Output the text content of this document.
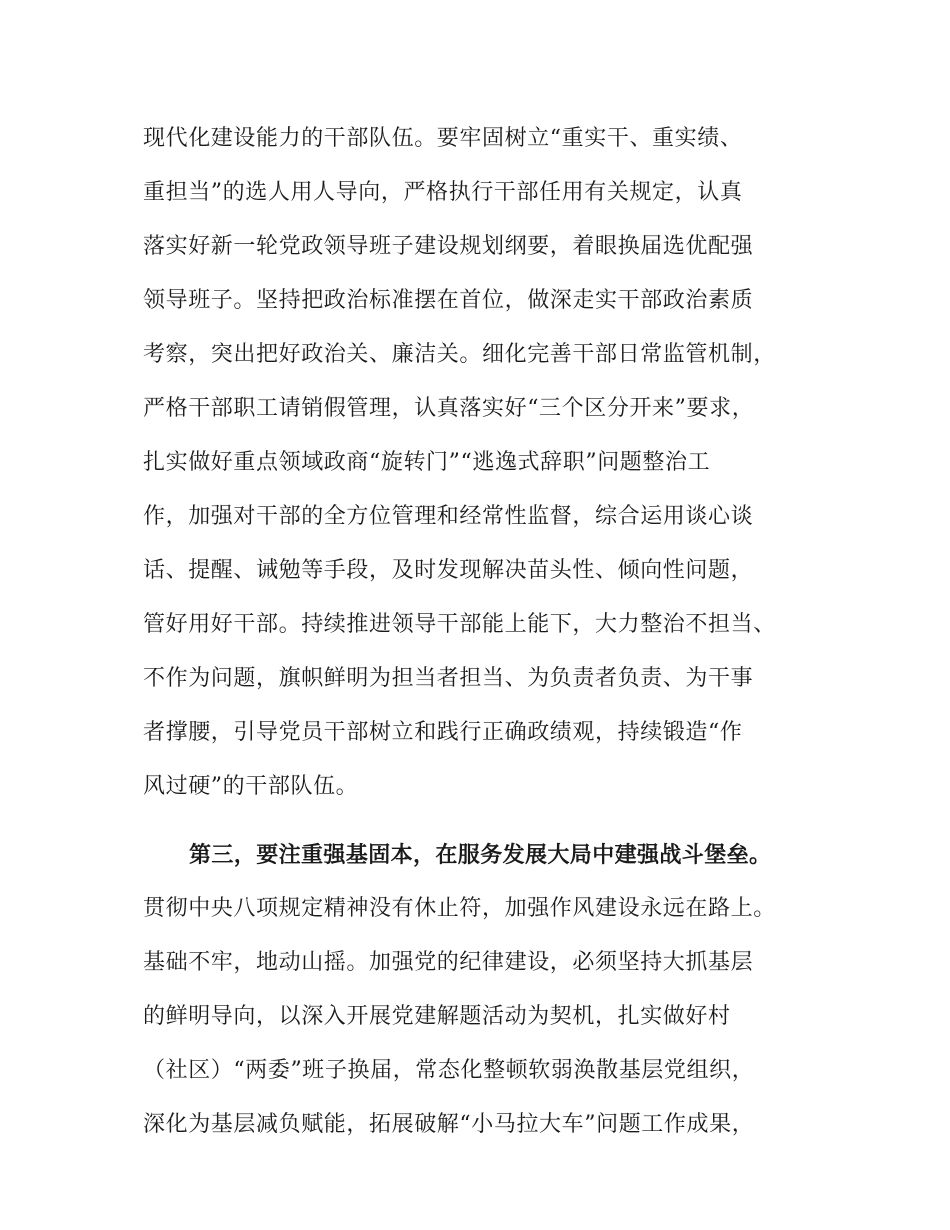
现代化建设能力的干部队伍。要牢固树立“重实干、重实绩、
重担当”的选人用人导向，严格执行干部任用有关规定，认真
落实好新一轮党政领导班子建设规划纲要，着眼换届选优配强
领导班子。坚持把政治标准摆在首位，做深走实干部政治素质
考察，突出把好政治关、廉洁关。细化完善干部日常监管机制，
严格干部职工请销假管理，认真落实好“三个区分开来”要求，
扎实做好重点领域政商“旋转门”“逃逸式辞职”问题整治工
作，加强对干部的全方位管理和经常性监督，综合运用谈心谈
话、提醒、诫勉等手段，及时发现解决苗头性、倾向性问题，
管好用好干部。持续推进领导干部能上能下，大力整治不担当、
不作为问题，旗帜鲜明为担当者担当、为负责者负责、为干事
者撑腰，引导党员干部树立和践行正确政绩观，持续锻造“作
风过硬”的干部队伍。
第三，要注重强基固本，在服务发展大局中建强战斗堡垒。
贯彻中央八项规定精神没有休止符，加强作风建设永远在路上。
基础不牢，地动山摇。加强党的纪律建设，必须坚持大抓基层
的鲜明导向，以深入开展党建解题活动为契机，扎实做好村
（社区）“两委”班子换届，常态化整顿软弱涣散基层党组织，
深化为基层减负赋能，拓展破解“小马拉大车”问题工作成果，
